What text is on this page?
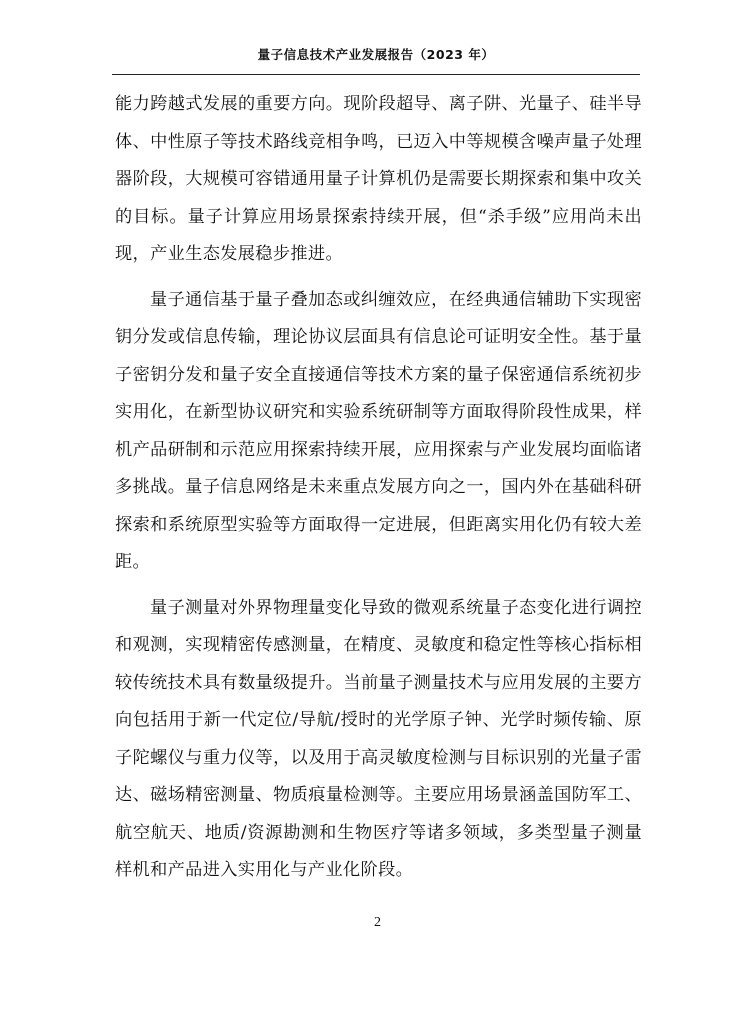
量子信息技术产业发展报告（2023 年）

能力跨越式发展的重要方向。现阶段超导、离子阱、光量子、硅半导体、中性原子等技术路线竞相争鸣，已迈入中等规模含噪声量子处理器阶段，大规模可容错通用量子计算机仍是需要长期探索和集中攻关的目标。量子计算应用场景探索持续开展，但“杀手级”应用尚未出现，产业生态发展稳步推进。

量子通信基于量子叠加态或纠缠效应，在经典通信辅助下实现密钥分发或信息传输，理论协议层面具有信息论可证明安全性。基于量子密钥分发和量子安全直接通信等技术方案的量子保密通信系统初步实用化，在新型协议研究和实验系统研制等方面取得阶段性成果，样机产品研制和示范应用探索持续开展，应用探索与产业发展均面临诸多挑战。量子信息网络是未来重点发展方向之一，国内外在基础科研探索和系统原型实验等方面取得一定进展，但距离实用化仍有较大差距。

量子测量对外界物理量变化导致的微观系统量子态变化进行调控和观测，实现精密传感测量，在精度、灵敏度和稳定性等核心指标相较传统技术具有数量级提升。当前量子测量技术与应用发展的主要方向包括用于新一代定位/导航/授时的光学原子钟、光学时频传输、原子陀螺仪与重力仪等，以及用于高灵敏度检测与目标识别的光量子雷达、磁场精密测量、物质痕量检测等。主要应用场景涵盖国防军工、航空航天、地质/资源勘测和生物医疗等诸多领域，多类型量子测量样机和产品进入实用化与产业化阶段。

2
